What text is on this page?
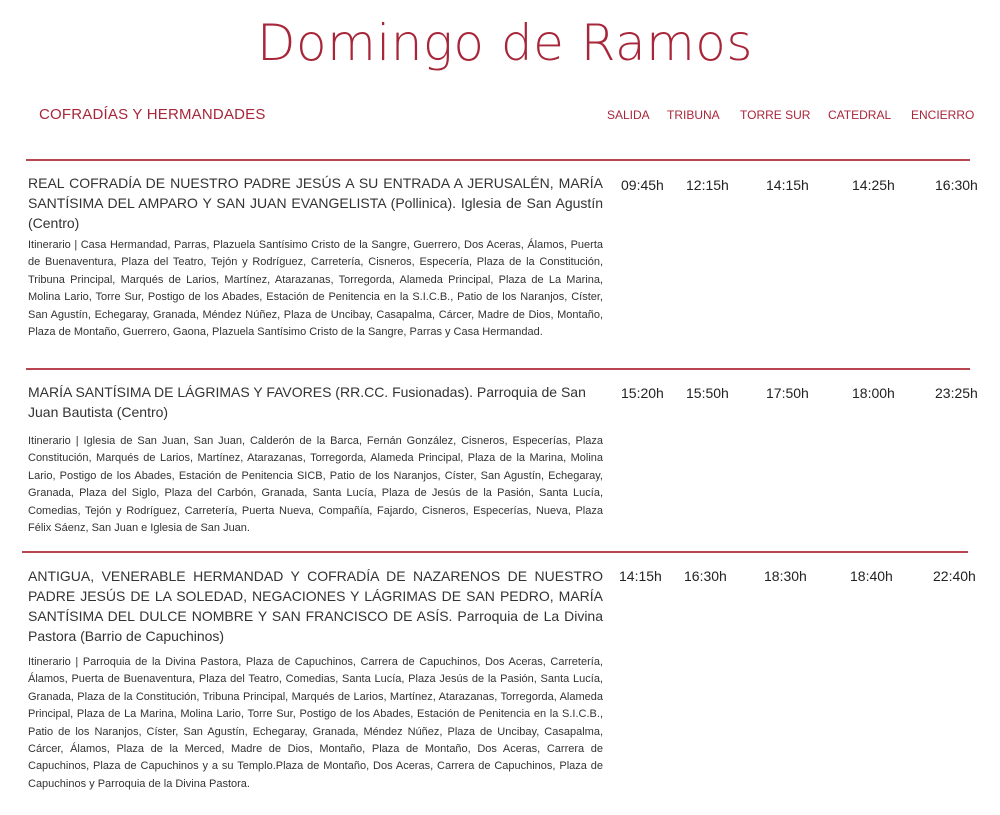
Domingo de Ramos
COFRADÍAS Y HERMANDADES	SALIDA TRIBUNA TORRE SUR CATEDRAL ENCIERRO

REAL COFRADÍA DE NUESTRO PADRE JESÚS A SU ENTRADA A JERUSALÉN, MARÍA SANTÍSIMA DEL AMPARO Y SAN JUAN EVANGELISTA (Pollinica). Iglesia de San Agustín (Centro)

Itinerario | Casa Hermandad, Parras, Plazuela Santísimo Cristo de la Sangre, Guerrero, Dos Aceras, Álamos, Puerta de Buenaventura, Plaza del Teatro, Tejón y Rodríguez, Carretería, Cisneros, Especería, Plaza de la Constitución, Tribuna Principal, Marqués de Larios, Martínez, Atarazanas, Torregorda, Alameda Principal, Plaza de La Marina, Molina Lario, Torre Sur, Postigo de los Abades, Estación de Penitencia en la S.I.C.B., Patio de los Naranjos, Císter, San Agustín, Echegaray, Granada, Méndez Núñez, Plaza de Uncibay, Casapalma, Cárcer, Madre de Dios, Montaño, Plaza de Montaño, Guerrero, Gaona, Plazuela Santísimo Cristo de la Sangre, Parras y Casa Hermandad.

09:45h 12:15h	14:15h	14:25h	16:30h

MARÍA SANTÍSIMA DE LÁGRIMAS Y FAVORES (RR.CC. Fusionadas). Parroquia de San Juan Bautista (Centro)

Itinerario | Iglesia de San Juan, San Juan, Calderón de la Barca, Fernán González, Cisneros, Especerías, Plaza Constitución, Marqués de Larios, Martínez, Atarazanas, Torregorda, Alameda Principal, Plaza de la Marina, Molina Lario, Postigo de los Abades, Estación de Penitencia SICB, Patio de los Naranjos, Císter, San Agustín, Echegaray, Granada, Plaza del Siglo, Plaza del Carbón, Granada, Santa Lucía, Plaza de Jesús de la Pasión, Santa Lucía, Comedias, Tejón y Rodríguez, Carretería, Puerta Nueva, Compañía, Fajardo, Cisneros, Especerías, Nueva, Plaza Félix Sáenz, San Juan e Iglesia de San Juan.

15:20h 15:50h	17:50h	18:00h	23:25h

ANTIGUA, VENERABLE HERMANDAD Y COFRADÍA DE NAZARENOS DE NUESTRO PADRE JESÚS DE LA SOLEDAD, NEGACIONES Y LÁGRIMAS DE SAN PEDRO, MARÍA SANTÍSIMA DEL DULCE NOMBRE Y SAN FRANCISCO DE ASÍS. Parroquia de La Divina Pastora (Barrio de Capuchinos)

Itinerario | Parroquia de la Divina Pastora, Plaza de Capuchinos, Carrera de Capuchinos, Dos Aceras, Carretería, Álamos, Puerta de Buenaventura, Plaza del Teatro, Comedias, Santa Lucía, Plaza Jesús de la Pasión, Santa Lucía, Granada, Plaza de la Constitución, Tribuna Principal, Marqués de Larios, Martínez, Atarazanas, Torregorda, Alameda Principal, Plaza de La Marina, Molina Lario, Torre Sur, Postigo de los Abades, Estación de Penitencia en la S.I.C.B., Patio de los Naranjos, Císter, San Agustín, Echegaray, Granada, Méndez Núñez, Plaza de Uncibay, Casapalma, Cárcer, Álamos, Plaza de la Merced, Madre de Dios, Montaño, Plaza de Montaño, Dos Aceras, Carrera de Capuchinos, Plaza de Capuchinos y a su Templo.Plaza de Montaño, Dos Aceras, Carrera de Capuchinos, Plaza de Capuchinos y Parroquia de la Divina Pastora.

14:15h 16:30h	18:30h	18:40h	22:40h
